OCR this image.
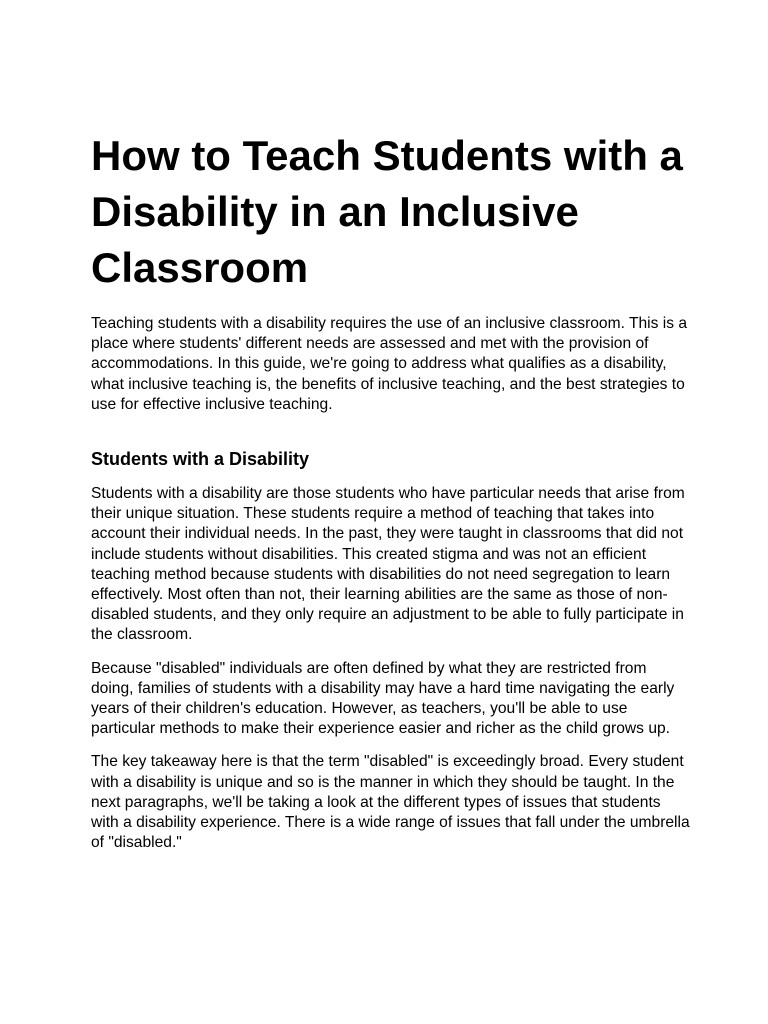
How to Teach Students with a Disability in an Inclusive Classroom

Teaching students with a disability requires the use of an inclusive classroom. This is a place where students' different needs are assessed and met with the provision of accommodations. In this guide, we're going to address what qualifies as a disability, what inclusive teaching is, the benefits of inclusive teaching, and the best strategies to use for effective inclusive teaching.

Students with a Disability

Students with a disability are those students who have particular needs that arise from their unique situation. These students require a method of teaching that takes into account their individual needs. In the past, they were taught in classrooms that did not include students without disabilities. This created stigma and was not an efficient teaching method because students with disabilities do not need segregation to learn effectively. Most often than not, their learning abilities are the same as those of non-disabled students, and they only require an adjustment to be able to fully participate in the classroom.

Because "disabled" individuals are often defined by what they are restricted from doing, families of students with a disability may have a hard time navigating the early years of their children's education. However, as teachers, you'll be able to use particular methods to make their experience easier and richer as the child grows up.

The key takeaway here is that the term "disabled" is exceedingly broad. Every student with a disability is unique and so is the manner in which they should be taught. In the next paragraphs, we'll be taking a look at the different types of issues that students with a disability experience. There is a wide range of issues that fall under the umbrella of "disabled."
